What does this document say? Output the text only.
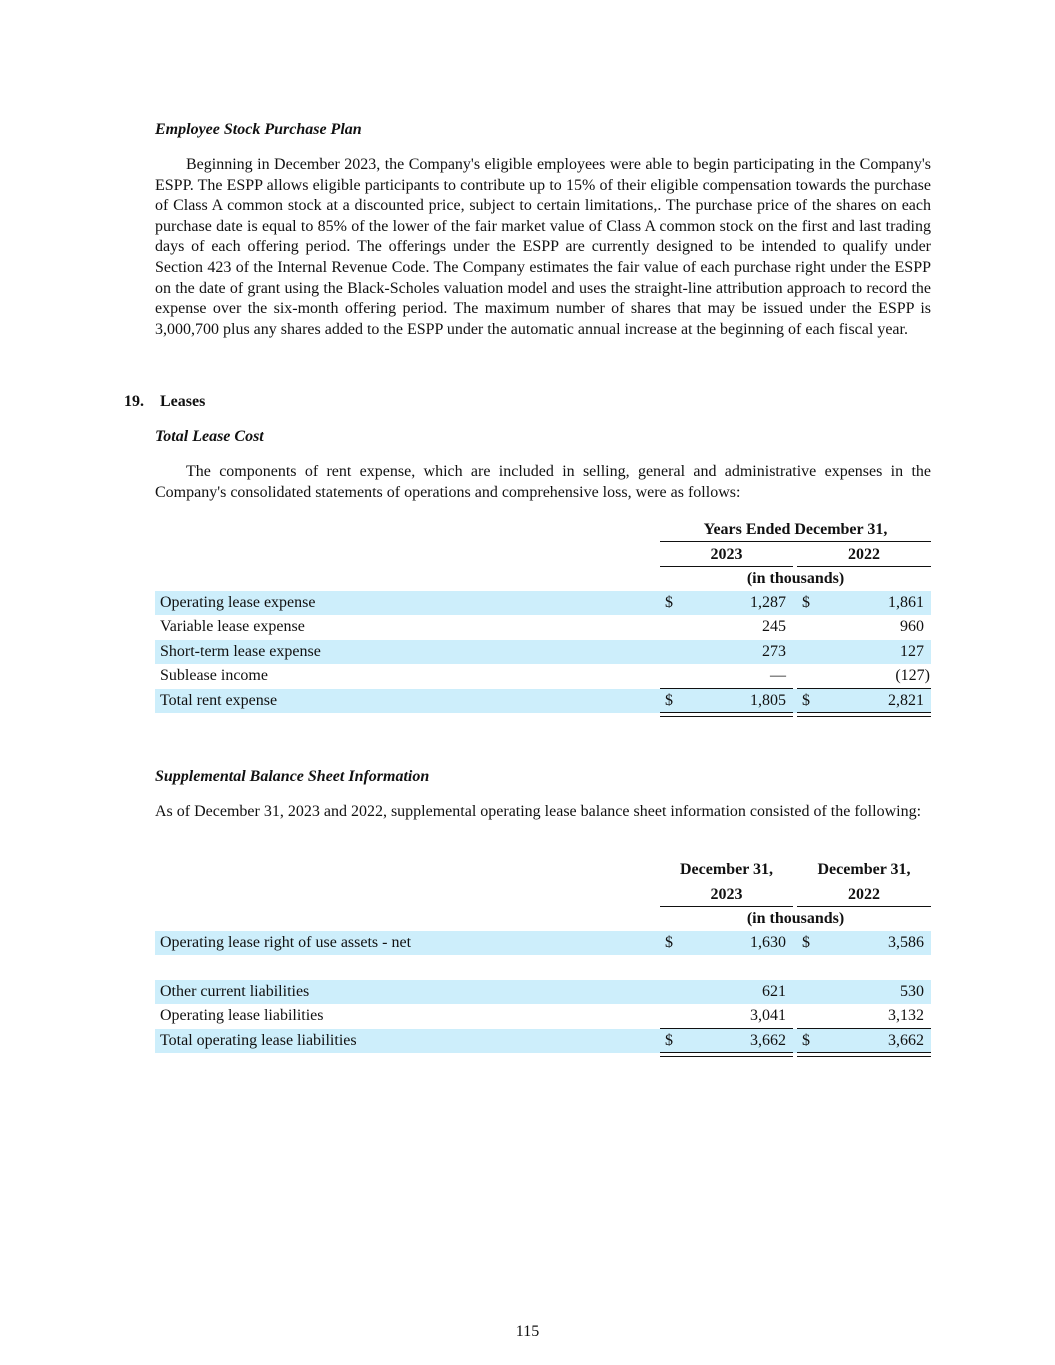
Employee Stock Purchase Plan
Beginning in December 2023, the Company's eligible employees were able to begin participating in the Company's ESPP. The ESPP allows eligible participants to contribute up to 15% of their eligible compensation towards the purchase of Class A common stock at a discounted price, subject to certain limitations,. The purchase price of the shares on each purchase date is equal to 85% of the lower of the fair market value of Class A common stock on the first and last trading days of each offering period. The offerings under the ESPP are currently designed to be intended to qualify under Section 423 of the Internal Revenue Code. The Company estimates the fair value of each purchase right under the ESPP on the date of grant using the Black-Scholes valuation model and uses the straight-line attribution approach to record the expense over the six-month offering period. The maximum number of shares that may be issued under the ESPP is 3,000,700 plus any shares added to the ESPP under the automatic annual increase at the beginning of each fiscal year.
19. Leases
Total Lease Cost
The components of rent expense, which are included in selling, general and administrative expenses in the Company's consolidated statements of operations and comprehensive loss, were as follows:
Years Ended December 31,
2023	2022
(in thousands)
Operating lease expense	$	1,287 $	1,861
Variable lease expense	245	960
Short-term lease expense	273	127
Sublease income	—	(127)
Total rent expense	$	1,805 $	2,821
Supplemental Balance Sheet Information
As of December 31, 2023 and 2022, supplemental operating lease balance sheet information consisted of the following:
December 31,	December 31,
2023	2022
(in thousands)
Operating lease right of use assets - net	$	1,630 $	3,586
Other current liabilities	621	530
Operating lease liabilities	3,041	3,132
Total operating lease liabilities	$	3,662 $	3,662
115
